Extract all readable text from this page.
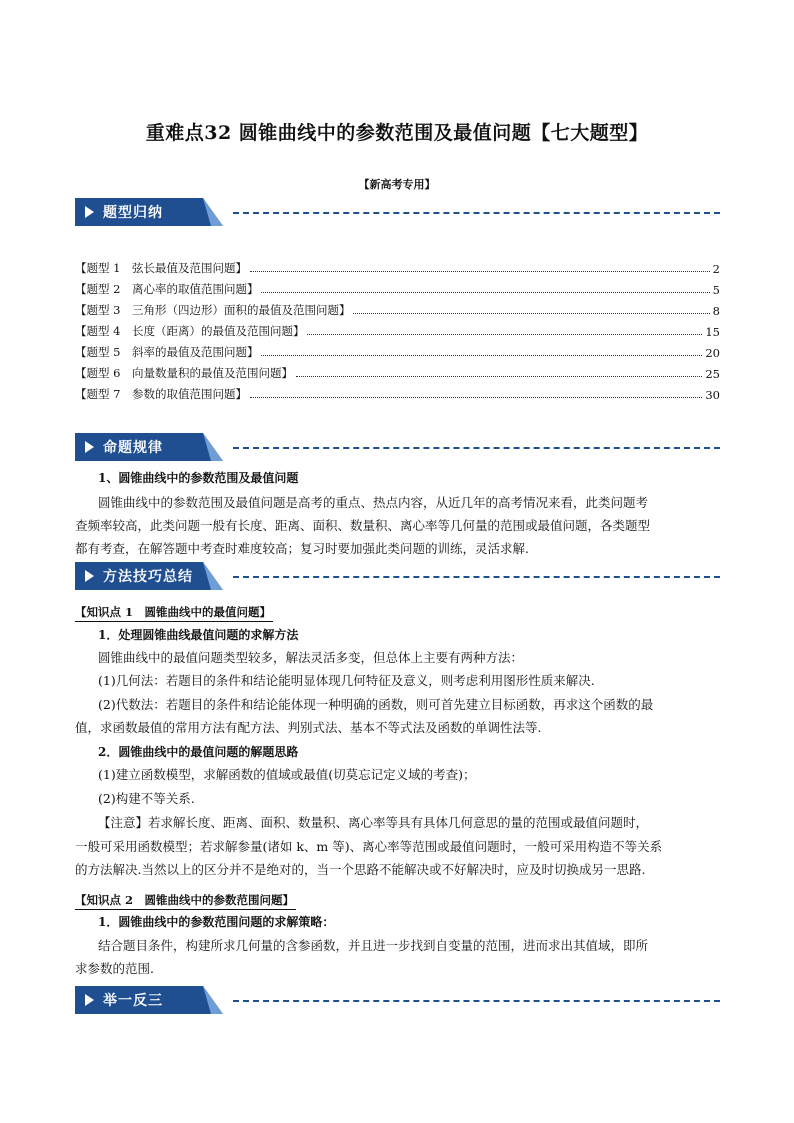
重难点32 圆锥曲线中的参数范围及最值问题【七大题型】
【新高考专用】
题型归纳
【题型 1　弦长最值及范围问题】	2
【题型 2　离心率的取值范围问题】	5
【题型 3　三角形（四边形）面积的最值及范围问题】	8
【题型 4　长度（距离）的最值及范围问题】	15
【题型 5　斜率的最值及范围问题】	20
【题型 6　向量数量积的最值及范围问题】	25
【题型 7　参数的取值范围问题】	30
命题规律
1、圆锥曲线中的参数范围及最值问题
圆锥曲线中的参数范围及最值问题是高考的重点、热点内容，从近几年的高考情况来看，此类问题考
查频率较高，此类问题一般有长度、距离、面积、数量积、离心率等几何量的范围或最值问题，各类题型
都有考查，在解答题中考查时难度较高；复习时要加强此类问题的训练，灵活求解.
方法技巧总结
【知识点 1　圆锥曲线中的最值问题】
1．处理圆锥曲线最值问题的求解方法
圆锥曲线中的最值问题类型较多，解法灵活多变，但总体上主要有两种方法：
(1)几何法：若题目的条件和结论能明显体现几何特征及意义，则考虑利用图形性质来解决.
(2)代数法：若题目的条件和结论能体现一种明确的函数，则可首先建立目标函数，再求这个函数的最
值，求函数最值的常用方法有配方法、判别式法、基本不等式法及函数的单调性法等.
2．圆锥曲线中的最值问题的解题思路
(1)建立函数模型，求解函数的值域或最值(切莫忘记定义域的考查)；
(2)构建不等关系.
【注意】若求解长度、距离、面积、数量积、离心率等具有具体几何意思的量的范围或最值问题时，
一般可采用函数模型；若求解参量(诸如 k、m 等)、离心率等范围或最值问题时，一般可采用构造不等关系
的方法解决.当然以上的区分并不是绝对的，当一个思路不能解决或不好解决时，应及时切换成另一思路.
【知识点 2　圆锥曲线中的参数范围问题】
1．圆锥曲线中的参数范围问题的求解策略：
结合题目条件，构建所求几何量的含参函数，并且进一步找到自变量的范围，进而求出其值域，即所
求参数的范围.
举一反三
